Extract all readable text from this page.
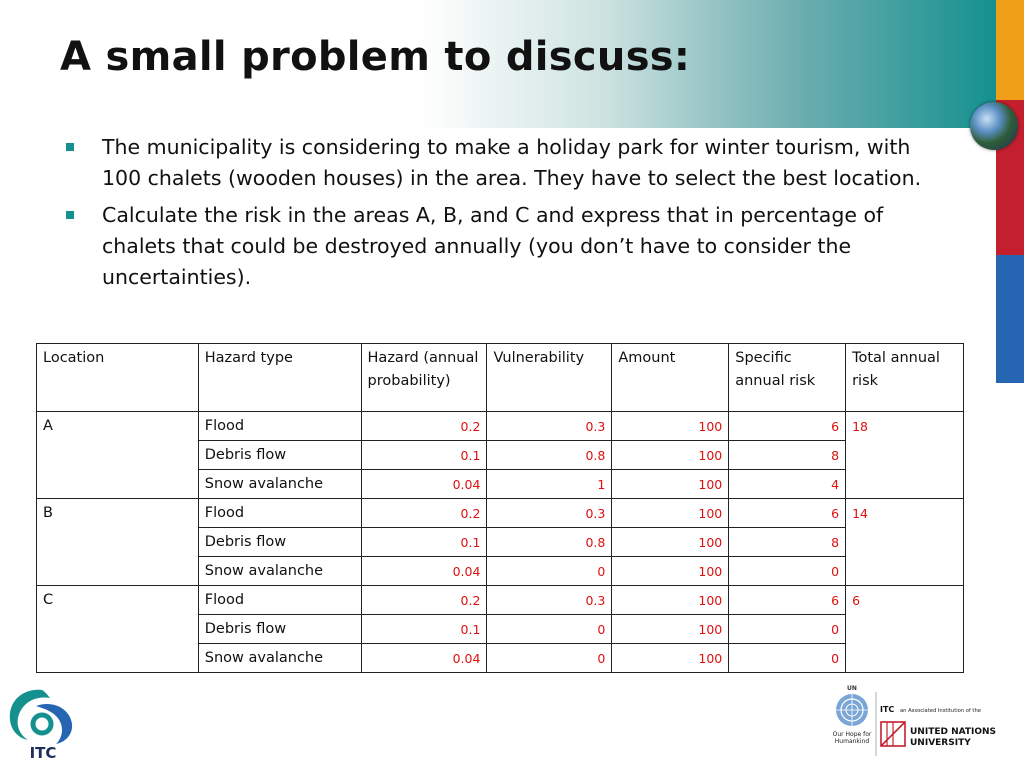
A small problem to discuss:
The municipality is considering to make a holiday park for winter tourism, with 100 chalets (wooden houses) in the area. They have to select the best location.
Calculate the risk in the areas A, B, and C and express that in percentage of chalets that could be destroyed annually (you don’t have to consider the uncertainties).
Location	Hazard type	Hazard (annual probability)	Vulnerability	Amount	Specific annual risk	Total annual risk
A	Flood	0.2	0.3	100	6	18
	Debris flow	0.1	0.8	100	8	
	Snow avalanche	0.04	1	100	4	
B	Flood	0.2	0.3	100	6	14
	Debris flow	0.1	0.8	100	8	
	Snow avalanche	0.04	0	100	0	
C	Flood	0.2	0.3	100	6	6
	Debris flow	0.1	0	100	0	
	Snow avalanche	0.04	0	100	0	
ITC
UN
Our Hope for
Humankind
ITC an Associated Institution of the
UNITED NATIONS
UNIVERSITY
